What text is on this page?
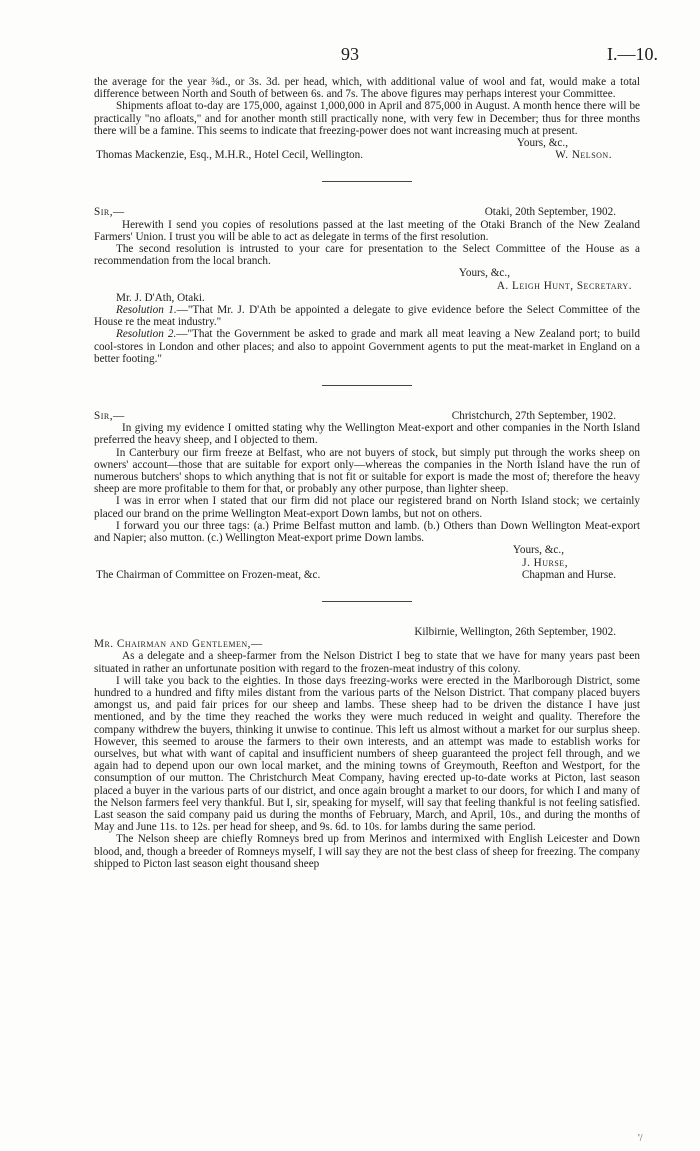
93	I.—10.

the average for the year ⅜d., or 3s. 3d. per head, which, with additional value of wool and fat, would make a total difference between North and South of between 6s. and 7s. The above figures may perhaps interest your Committee.

Shipments afloat to-day are 175,000, against 1,000,000 in April and 875,000 in August. A month hence there will be practically "no afloats," and for another month still practically none, with very few in December; thus for three months there will be a famine. This seems to indicate that freezing-power does not want increasing much at present.

Yours, &c.,

Thomas Mackenzie, Esq., M.H.R., Hotel Cecil, Wellington.	W. Nelson.
Sir,—	Otaki, 20th September, 1902.

Herewith I send you copies of resolutions passed at the last meeting of the Otaki Branch of the New Zealand Farmers' Union. I trust you will be able to act as delegate in terms of the first resolution.

The second resolution is intrusted to your care for presentation to the Select Committee of the House as a recommendation from the local branch.

Yours, &c.,

A. Leigh Hunt, Secretary.

Mr. J. D'Ath, Otaki.

Resolution 1.—"That Mr. J. D'Ath be appointed a delegate to give evidence before the Select Committee of the House re the meat industry."

Resolution 2.—"That the Government be asked to grade and mark all meat leaving a New Zealand port; to build cool-stores in London and other places; and also to appoint Government agents to put the meat-market in England on a better footing."

Sir,—	Christchurch, 27th September, 1902.

In giving my evidence I omitted stating why the Wellington Meat-export and other companies in the North Island preferred the heavy sheep, and I objected to them.

In Canterbury our firm freeze at Belfast, who are not buyers of stock, but simply put through the works sheep on owners' account—those that are suitable for export only—whereas the companies in the North Island have the run of numerous butchers' shops to which anything that is not fit or suitable for export is made the most of; therefore the heavy sheep are more profitable to them for that, or probably any other purpose, than lighter sheep.

I was in error when I stated that our firm did not place our registered brand on North Island stock; we certainly placed our brand on the prime Wellington Meat-export Down lambs, but not on others.

I forward you our three tags: (a.) Prime Belfast mutton and lamb. (b.) Others than Down Wellington Meat-export and Napier; also mutton. (c.) Wellington Meat-export prime Down lambs.

Yours, &c.,

J. Hurse,

The Chairman of Committee on Frozen-meat, &c.	Chapman and Hurse.

Kilbirnie, Wellington, 26th September, 1902.

Mr. Chairman and Gentlemen,—

As a delegate and a sheep-farmer from the Nelson District I beg to state that we have for many years past been situated in rather an unfortunate position with regard to the frozen-meat industry of this colony.

I will take you back to the eighties. In those days freezing-works were erected in the Marlborough District, some hundred to a hundred and fifty miles distant from the various parts of the Nelson District. That company placed buyers amongst us, and paid fair prices for our sheep and lambs. These sheep had to be driven the distance I have just mentioned, and by the time they reached the works they were much reduced in weight and quality. Therefore the company withdrew the buyers, thinking it unwise to continue. This left us almost without a market for our surplus sheep. However, this seemed to arouse the farmers to their own interests, and an attempt was made to establish works for ourselves, but what with want of capital and insufficient numbers of sheep guaranteed the project fell through, and we again had to depend upon our own local market, and the mining towns of Greymouth, Reefton and Westport, for the consumption of our mutton. The Christchurch Meat Company, having erected up-to-date works at Picton, last season placed a buyer in the various parts of our district, and once again brought a market to our doors, for which I and many of the Nelson farmers feel very thankful. But I, sir, speaking for myself, will say that feeling thankful is not feeling satisfied. Last season the said company paid us during the months of February, March, and April, 10s., and during the months of May and June 11s. to 12s. per head for sheep, and 9s. 6d. to 10s. for lambs during the same period.

The Nelson sheep are chiefly Romneys bred up from Merinos and intermixed with English Leicester and Down blood, and, though a breeder of Romneys myself, I will say they are not the best class of sheep for freezing. The company shipped to Picton last season eight thousand sheep

'/
